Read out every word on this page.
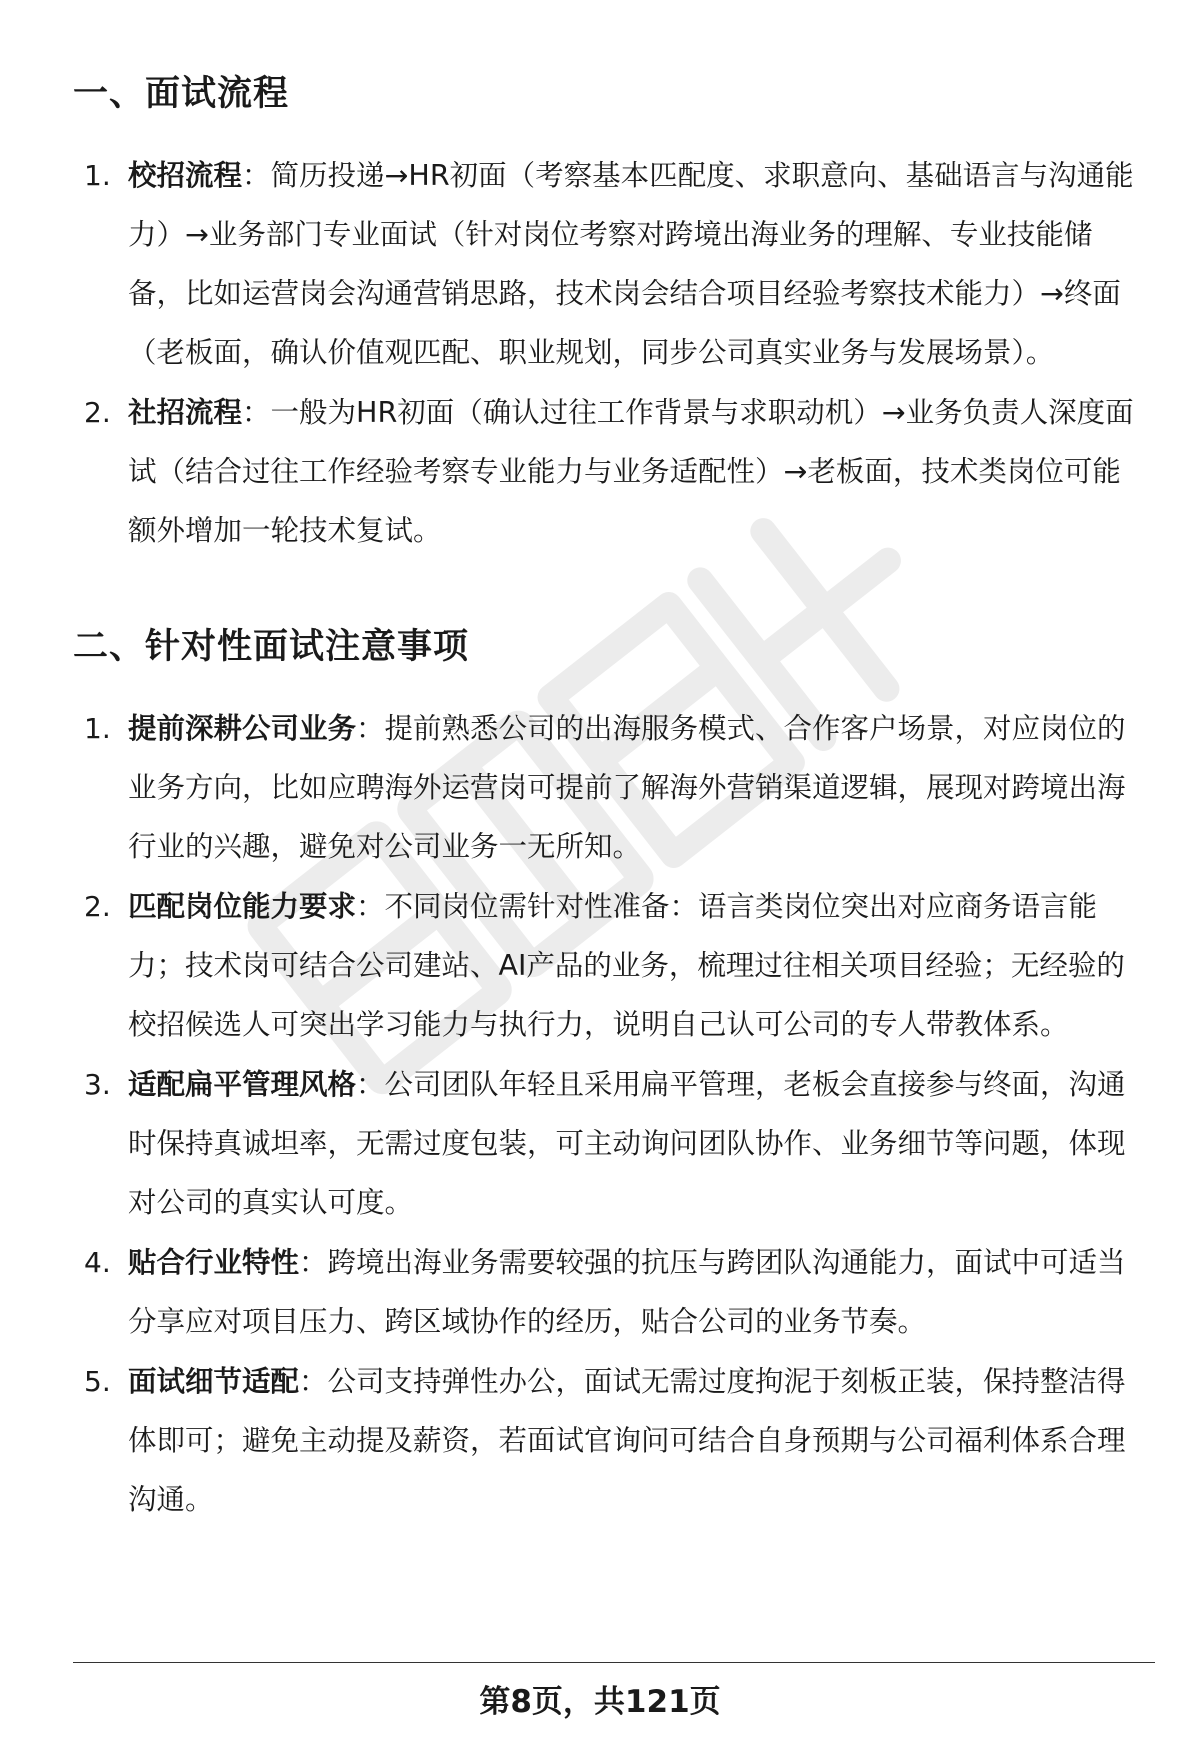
一、面试流程
1. 校招流程：简历投递→HR初面（考察基本匹配度、求职意向、基础语言与沟通能力）→业务部门专业面试（针对岗位考察对跨境出海业务的理解、专业技能储备，比如运营岗会沟通营销思路，技术岗会结合项目经验考察技术能力）→终面（老板面，确认价值观匹配、职业规划，同步公司真实业务与发展场景）。
2. 社招流程：一般为HR初面（确认过往工作背景与求职动机）→业务负责人深度面试（结合过往工作经验考察专业能力与业务适配性）→老板面，技术类岗位可能额外增加一轮技术复试。
二、针对性面试注意事项
1. 提前深耕公司业务：提前熟悉公司的出海服务模式、合作客户场景，对应岗位的业务方向，比如应聘海外运营岗可提前了解海外营销渠道逻辑，展现对跨境出海行业的兴趣，避免对公司业务一无所知。
2. 匹配岗位能力要求：不同岗位需针对性准备：语言类岗位突出对应商务语言能力；技术岗可结合公司建站、AI产品的业务，梳理过往相关项目经验；无经验的校招候选人可突出学习能力与执行力，说明自己认可公司的专人带教体系。
3. 适配扁平管理风格：公司团队年轻且采用扁平管理，老板会直接参与终面，沟通时保持真诚坦率，无需过度包装，可主动询问团队协作、业务细节等问题，体现对公司的真实认可度。
4. 贴合行业特性：跨境出海业务需要较强的抗压与跨团队沟通能力，面试中可适当分享应对项目压力、跨区域协作的经历，贴合公司的业务节奏。
5. 面试细节适配：公司支持弹性办公，面试无需过度拘泥于刻板正装，保持整洁得体即可；避免主动提及薪资，若面试官询问可结合自身预期与公司福利体系合理沟通。
第8页，共121页
